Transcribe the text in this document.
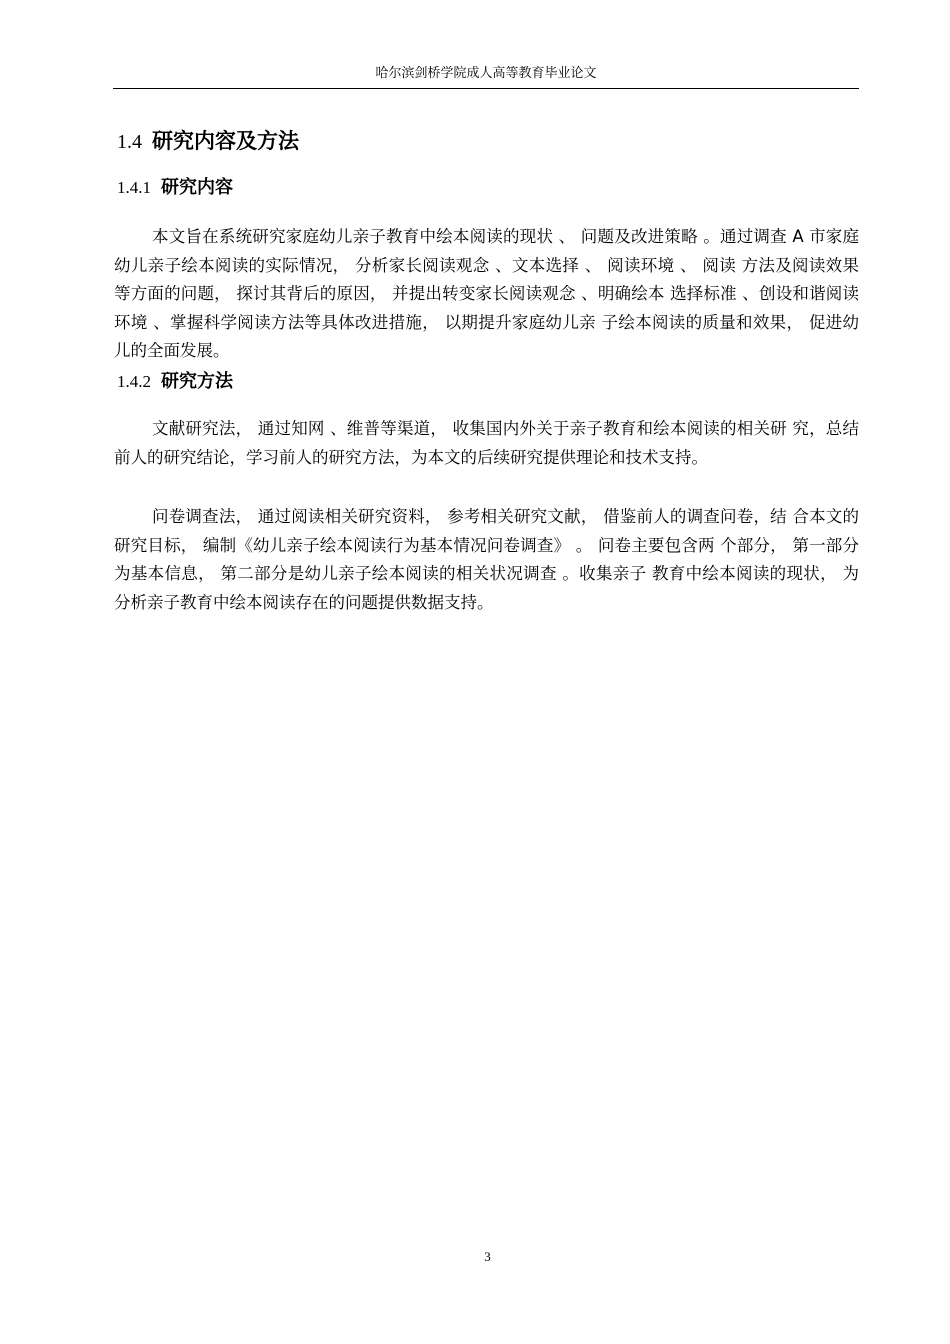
哈尔滨剑桥学院成人高等教育毕业论文
1.4 研究内容及方法
1.4.1 研究内容

本文旨在系统研究家庭幼儿亲子教育中绘本阅读的现状 、 问题及改进策略 。通过调查 A 市家庭幼儿亲子绘本阅读的实际情况， 分析家长阅读观念 、文本选择 、 阅读环境 、 阅读 方法及阅读效果等方面的问题， 探讨其背后的原因， 并提出转变家长阅读观念 、明确绘本 选择标准 、创设和谐阅读环境 、掌握科学阅读方法等具体改进措施， 以期提升家庭幼儿亲 子绘本阅读的质量和效果， 促进幼儿的全面发展。

1.4.2 研究方法

文献研究法， 通过知网 、维普等渠道， 收集国内外关于亲子教育和绘本阅读的相关研 究，总结前人的研究结论，学习前人的研究方法，为本文的后续研究提供理论和技术支持。

问卷调查法， 通过阅读相关研究资料， 参考相关研究文献， 借鉴前人的调查问卷，结 合本文的研究目标， 编制《幼儿亲子绘本阅读行为基本情况问卷调查》 。 问卷主要包含两 个部分， 第一部分为基本信息， 第二部分是幼儿亲子绘本阅读的相关状况调查 。收集亲子 教育中绘本阅读的现状， 为分析亲子教育中绘本阅读存在的问题提供数据支持。

3
